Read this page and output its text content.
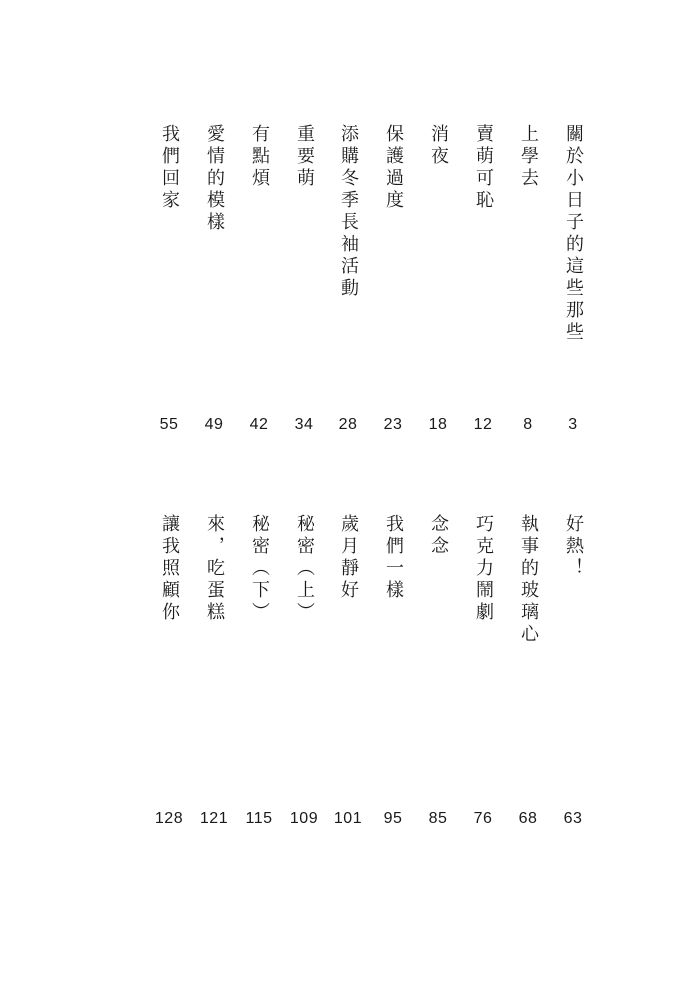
關於小日子的這些那些
3
上學去
8
賣萌可恥
12
消夜
18
保護過度
23
添購冬季長袖活動
28
重要萌
34
有點煩
42
愛情的模樣
49
我們回家
55
好熱！
63
執事的玻璃心
68
巧克力鬧劇
76
念念
85
我們一樣
95
歲月靜好
101
秘密（上）
109
秘密（下）
115
來，吃蛋糕
121
讓我照顧你
128
